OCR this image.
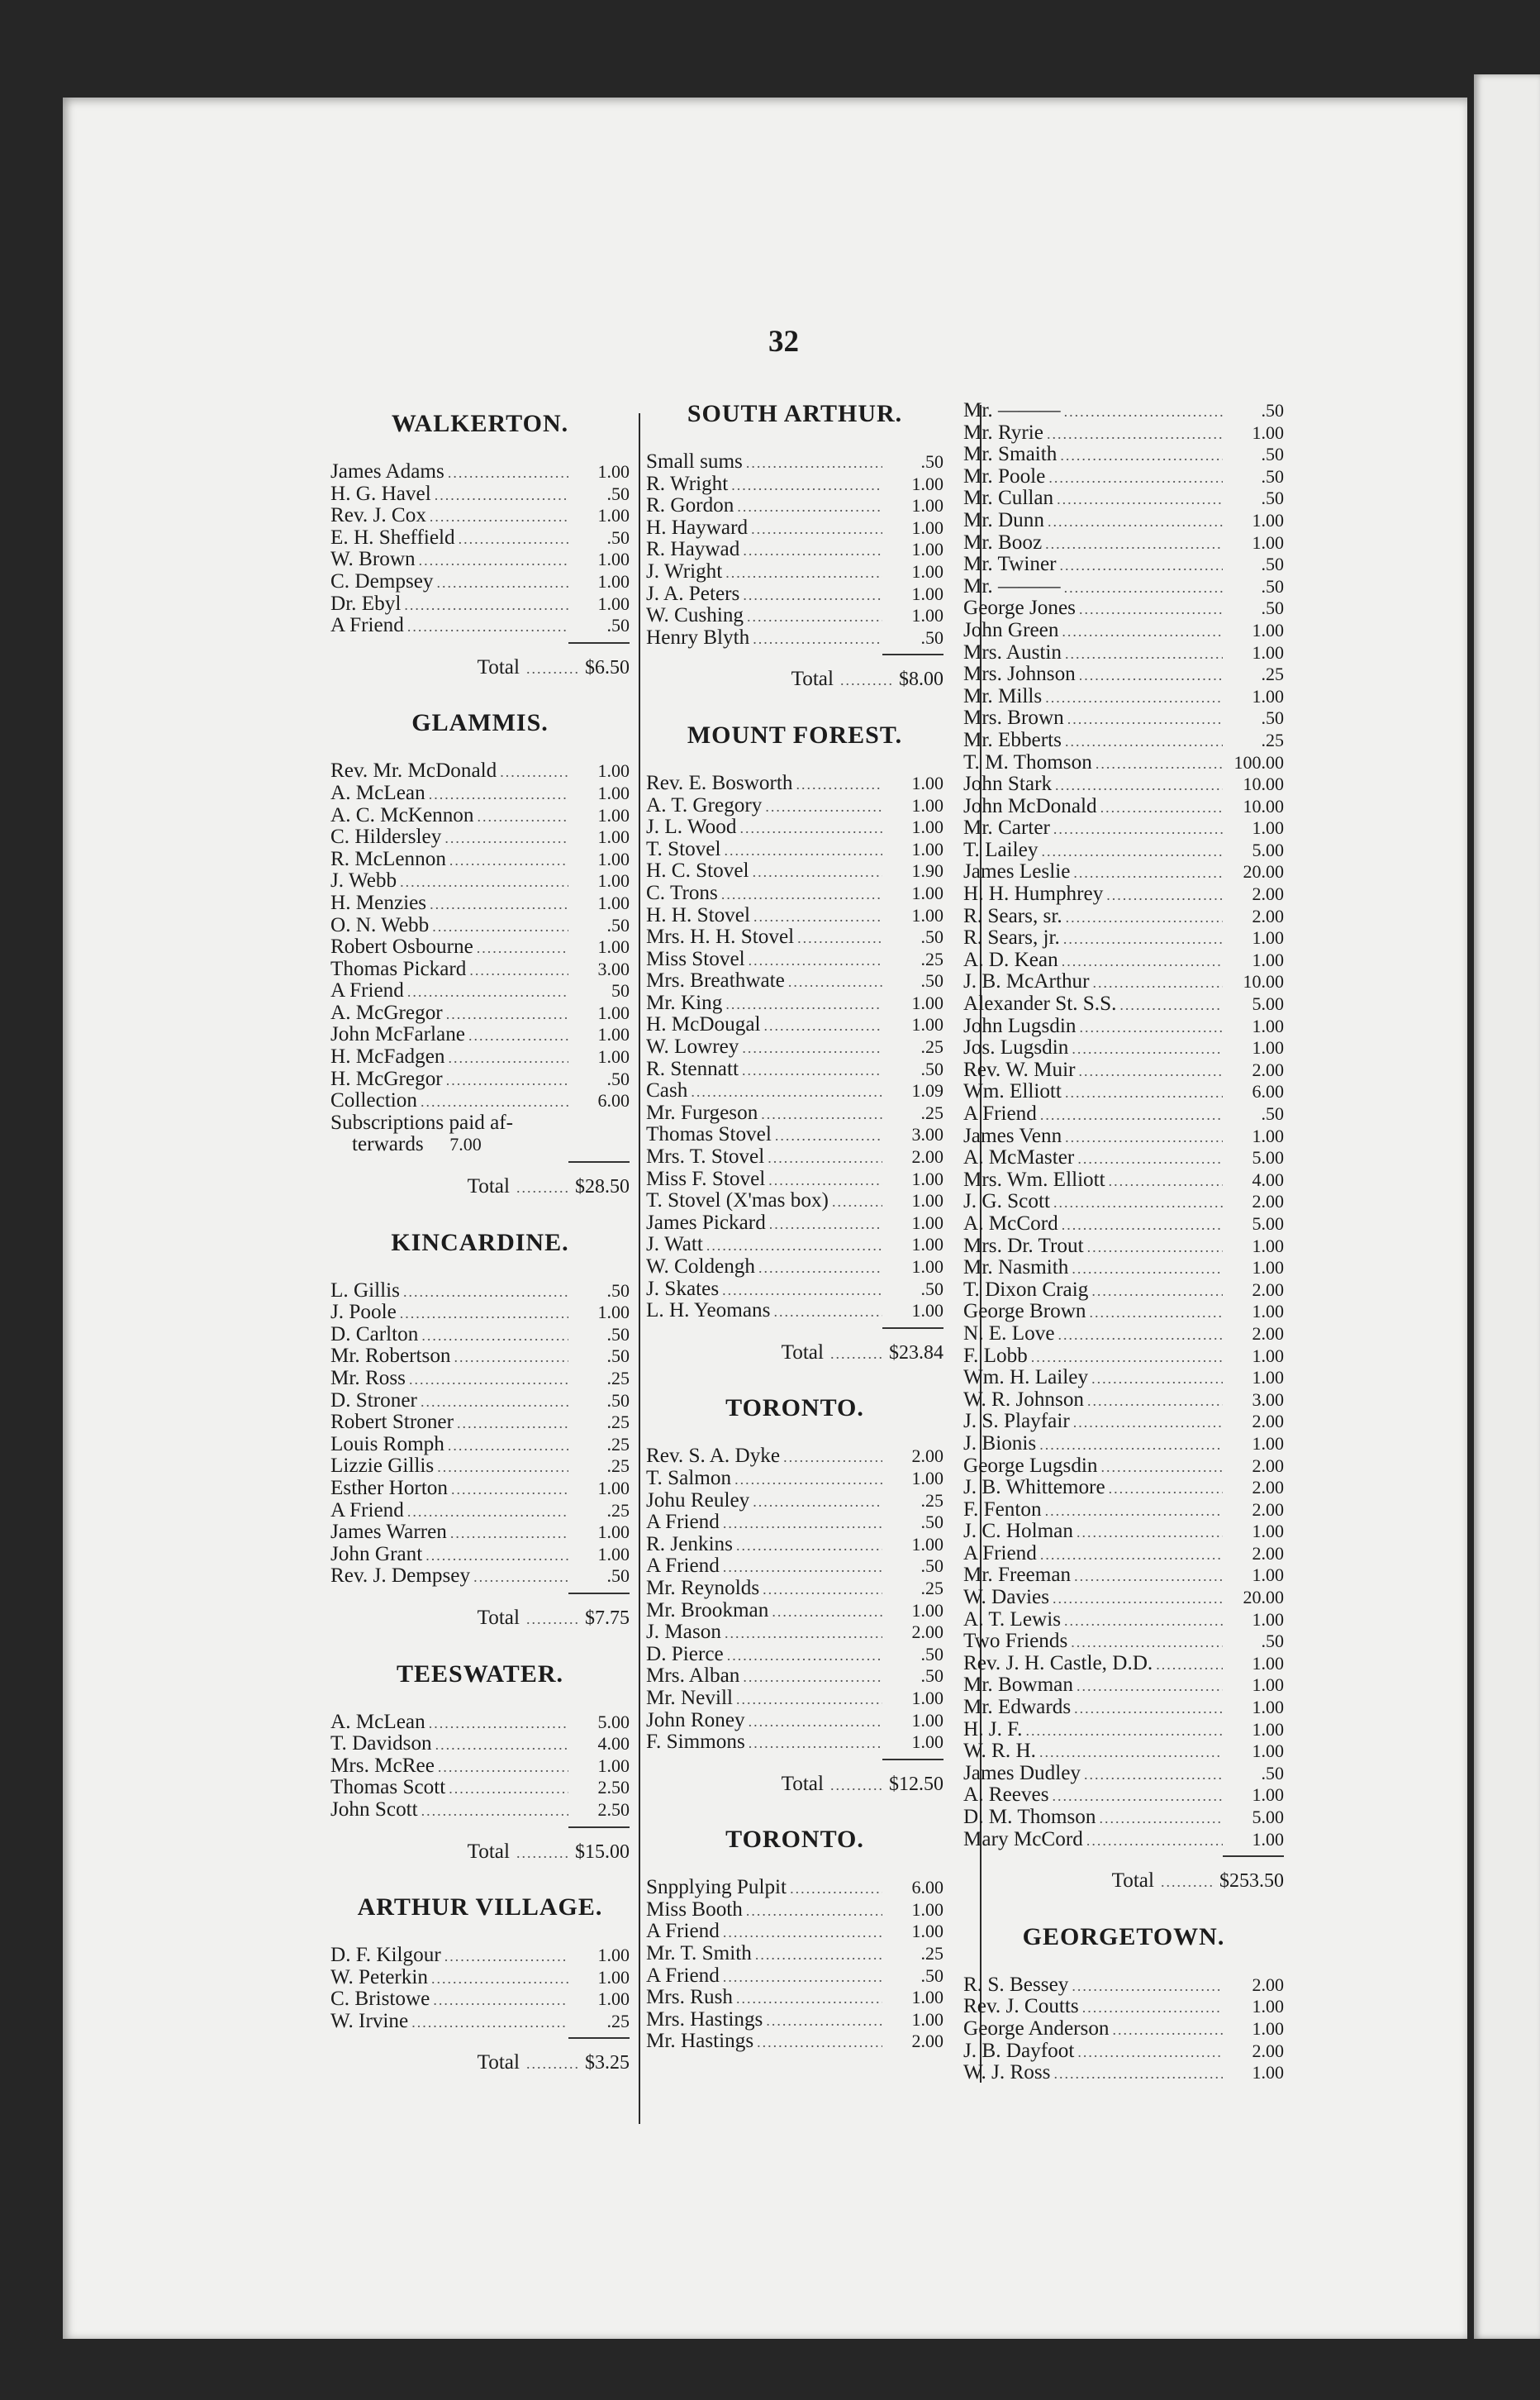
32
WALKERTON.
James Adams .....	1.00
H. G. Havel .....	.50
Rev. J. Cox .....	1.00
E. H. Sheffield .....	.50
W. Brown .....	1.00
C. Dempsey .....	1.00
Dr. Ebyl .....	1.00
A Friend .....	.50
Total .....	$6.50
GLAMMIS.
Rev. Mr. McDonald .....	1.00
A. McLean .....	1.00
A. C. McKennon .....	1.00
C. Hildersley .....	1.00
R. McLennon .....	1.00
J. Webb .....	1.00
H. Menzies .....	1.00
O. N. Webb .....	.50
Robert Osbourne .....	1.00
Thomas Pickard .....	3.00
A Friend .....	50
A. McGregor .....	1.00
John McFarlane .....	1.00
H. McFadgen .....	1.00
H. McGregor .....	.50
Collection .....	6.00
Subscriptions paid af-
terwards	7.00
Total .....	$28.50
KINCARDINE.
L. Gillis .....	.50
J. Poole .....	1.00
D. Carlton .....	.50
Mr. Robertson .....	.50
Mr. Ross .....	.25
D. Stroner .....	.50
Robert Stroner .....	.25
Louis Romph .....	.25
Lizzie Gillis .....	.25
Esther Horton .....	1.00
A Friend .....	.25
James Warren .....	1.00
John Grant .....	1.00
Rev. J. Dempsey .....	.50
Total .....	$7.75
TEESWATER.
A. McLean .....	5.00
T. Davidson .....	4.00
Mrs. McRee .....	1.00
Thomas Scott .....	2.50
John Scott .....	2.50
Total .....	$15.00
ARTHUR VILLAGE.
D. F. Kilgour .....	1.00
W. Peterkin .....	1.00
C. Bristowe .....	1.00
W. Irvine .....	.25
Total .....	$3.25
SOUTH ARTHUR.
Small sums .....	.50
R. Wright .....	1.00
R. Gordon .....	1.00
H. Hayward .....	1.00
R. Haywad .....	1.00
J. Wright .....	1.00
J. A. Peters .....	1.00
W. Cushing .....	1.00
Henry Blyth .....	.50
Total .....	$8.00
MOUNT FOREST.
Rev. E. Bosworth .....	1.00
A. T. Gregory .....	1.00
J. L. Wood .....	1.00
T. Stovel .....	1.00
H. C. Stovel .....	1.90
C. Trons .....	1.00
H. H. Stovel .....	1.00
Mrs. H. H. Stovel .....	.50
Miss Stovel .....	.25
Mrs. Breathwate .....	.50
Mr. King .....	1.00
H. McDougal .....	1.00
W. Lowrey .....	.25
R. Stennatt .....	.50
Cash .....	1.09
Mr. Furgeson .....	.25
Thomas Stovel .....	3.00
Mrs. T. Stovel .....	2.00
Miss F. Stovel .....	1.00
T. Stovel (X'mas box) .....	1.00
James Pickard .....	1.00
J. Watt .....	1.00
W. Coldengh .....	1.00
J. Skates .....	.50
L. H. Yeomans .....	1.00
Total .....	$23.84
TORONTO.
Rev. S. A. Dyke .....	2.00
T. Salmon .....	1.00
Johu Reuley .....	.25
A Friend .....	.50
R. Jenkins .....	1.00
A Friend .....	.50
Mr. Reynolds .....	.25
Mr. Brookman .....	1.00
J. Mason .....	2.00
D. Pierce .....	.50
Mrs. Alban .....	.50
Mr. Nevill .....	1.00
John Roney .....	1.00
F. Simmons .....	1.00
Total .....	$12.50
TORONTO.
Snpplying Pulpit .....	6.00
Miss Booth .....	1.00
A Friend .....	1.00
Mr. T. Smith .....	.25
A Friend .....	.50
Mrs. Rush .....	1.00
Mrs. Hastings .....	1.00
Mr. Hastings .....	2.00
Mr. ——— .....	.50
Mr. Ryrie .....	1.00
Mr. Smaith .....	.50
Mr. Poole .....	.50
Mr. Cullan .....	.50
Mr. Dunn .....	1.00
Mr. Booz .....	1.00
Mr. Twiner .....	.50
Mr. ——— .....	.50
George Jones .....	.50
John Green .....	1.00
Mrs. Austin .....	1.00
Mrs. Johnson .....	.25
Mr. Mills .....	1.00
Mrs. Brown .....	.50
Mr. Ebberts .....	.25
T. M. Thomson .....	100.00
John Stark .....	10.00
John McDonald .....	10.00
Mr. Carter .....	1.00
T. Lailey .....	5.00
James Leslie .....	20.00
H. H. Humphrey .....	2.00
R. Sears, sr. .....	2.00
R. Sears, jr. .....	1.00
A. D. Kean .....	1.00
J. B. McArthur .....	10.00
Alexander St. S.S. .....	5.00
John Lugsdin .....	1.00
Jos. Lugsdin .....	1.00
Rev. W. Muir .....	2.00
Wm. Elliott .....	6.00
A Friend .....	.50
James Venn .....	1.00
A. McMaster .....	5.00
Mrs. Wm. Elliott .....	4.00
J. G. Scott .....	2.00
A. McCord .....	5.00
Mrs. Dr. Trout .....	1.00
Mr. Nasmith .....	1.00
T. Dixon Craig .....	2.00
George Brown .....	1.00
N. E. Love .....	2.00
F. Lobb .....	1.00
Wm. H. Lailey .....	1.00
W. R. Johnson .....	3.00
J. S. Playfair .....	2.00
J. Bionis .....	1.00
George Lugsdin .....	2.00
J. B. Whittemore .....	2.00
F. Fenton .....	2.00
J. C. Holman .....	1.00
A Friend .....	2.00
Mr. Freeman .....	1.00
W. Davies .....	20.00
A. T. Lewis .....	1.00
Two Friends .....	.50
Rev. J. H. Castle, D.D. .....	1.00
Mr. Bowman .....	1.00
Mr. Edwards .....	1.00
H. J. F. .....	1.00
W. R. H. .....	1.00
James Dudley .....	.50
A. Reeves .....	1.00
D. M. Thomson .....	5.00
Mary McCord .....	1.00
Total .....	$253.50
GEORGETOWN.
R. S. Bessey .....	2.00
Rev. J. Coutts .....	1.00
George Anderson .....	1.00
J. B. Dayfoot .....	2.00
W. J. Ross .....	1.00
